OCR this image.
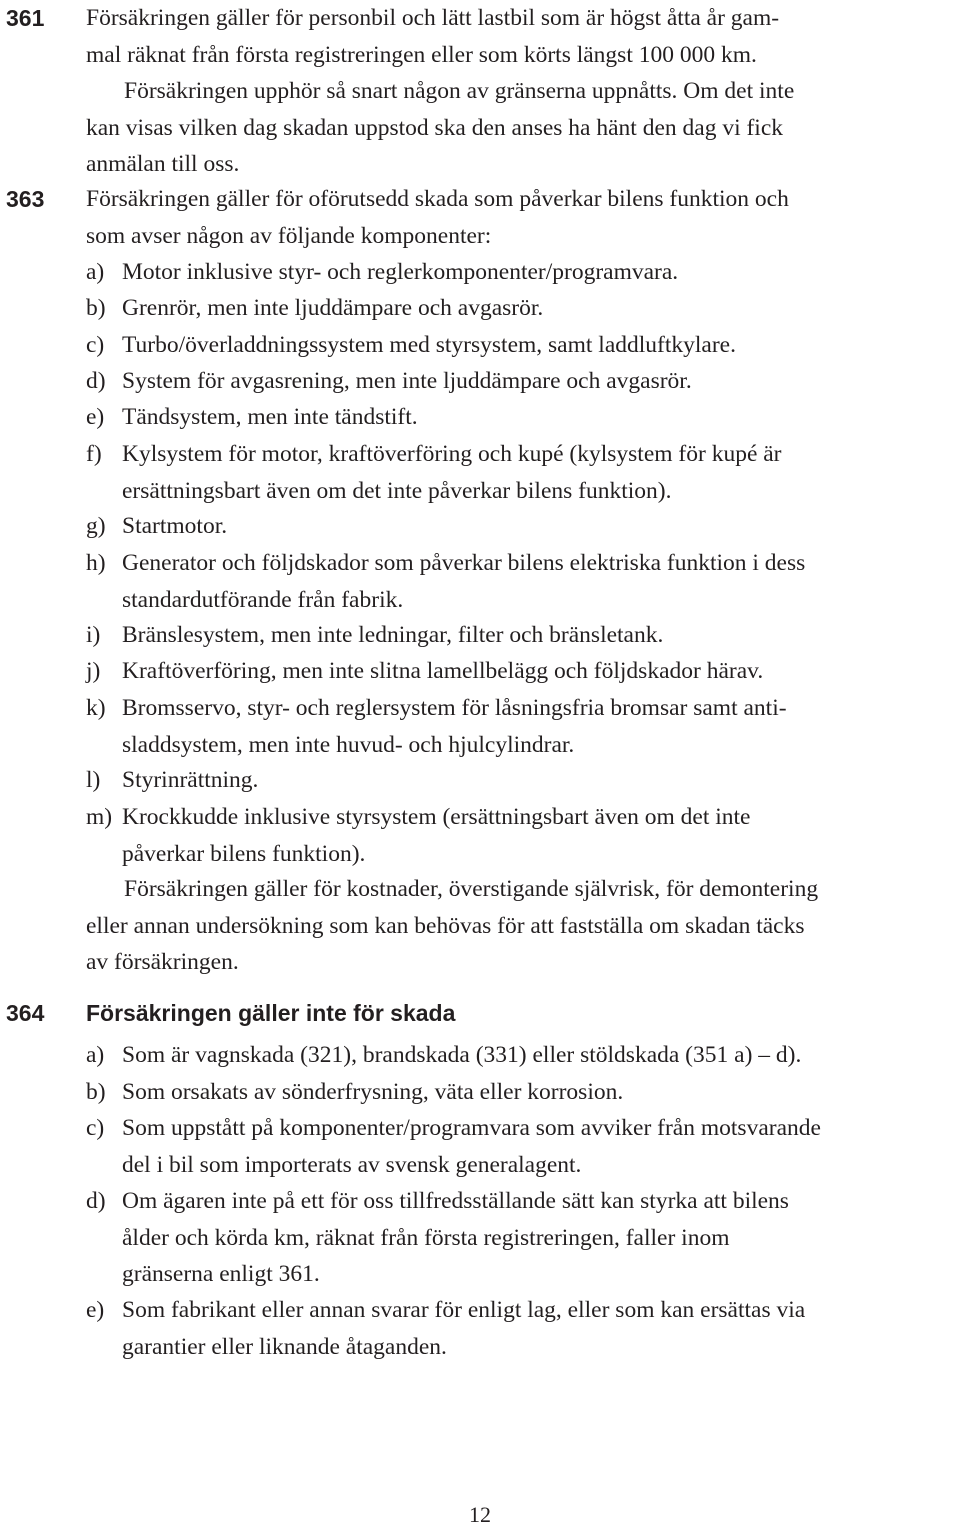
361 Försäkringen gäller för personbil och lätt lastbil som är högst åtta år gam-
mal räknat från första registreringen eller som körts längst 100 000 km.
Försäkringen upphör så snart någon av gränserna uppnåtts. Om det inte
kan visas vilken dag skadan uppstod ska den anses ha hänt den dag vi fick
anmälan till oss.
363 Försäkringen gäller för oförutsedd skada som påverkar bilens funktion och
som avser någon av följande komponenter:
a) Motor inklusive styr- och reglerkomponenter/programvara.
b) Grenrör, men inte ljuddämpare och avgasrör.
c) Turbo/överladdningssystem med styrsystem, samt laddluftkylare.
d) System för avgasrening, men inte ljuddämpare och avgasrör.
e) Tändsystem, men inte tändstift.
f) Kylsystem för motor, kraftöverföring och kupé (kylsystem för kupé är
ersättningsbart även om det inte påverkar bilens funktion).
g) Startmotor.
h) Generator och följdskador som påverkar bilens elektriska funktion i dess
standardutförande från fabrik.
i) Bränslesystem, men inte ledningar, filter och bränsletank.
j) Kraftöverföring, men inte slitna lamellbelägg och följdskador härav.
k) Bromsservo, styr- och reglersystem för låsningsfria bromsar samt anti-
sladdsystem, men inte huvud- och hjulcylindrar.
l) Styrinrättning.
m) Krockkudde inklusive styrsystem (ersättningsbart även om det inte
påverkar bilens funktion).
Försäkringen gäller för kostnader, överstigande självrisk, för demontering
eller annan undersökning som kan behövas för att fastställa om skadan täcks
av försäkringen.
364 Försäkringen gäller inte för skada
a) Som är vagnskada (321), brandskada (331) eller stöldskada (351 a) – d).
b) Som orsakats av sönderfrysning, väta eller korrosion.
c) Som uppstått på komponenter/programvara som avviker från motsvarande
del i bil som importerats av svensk generalagent.
d) Om ägaren inte på ett för oss tillfredsställande sätt kan styrka att bilens
ålder och körda km, räknat från första registreringen, faller inom
gränserna enligt 361.
e) Som fabrikant eller annan svarar för enligt lag, eller som kan ersättas via
garantier eller liknande åtaganden.
12
